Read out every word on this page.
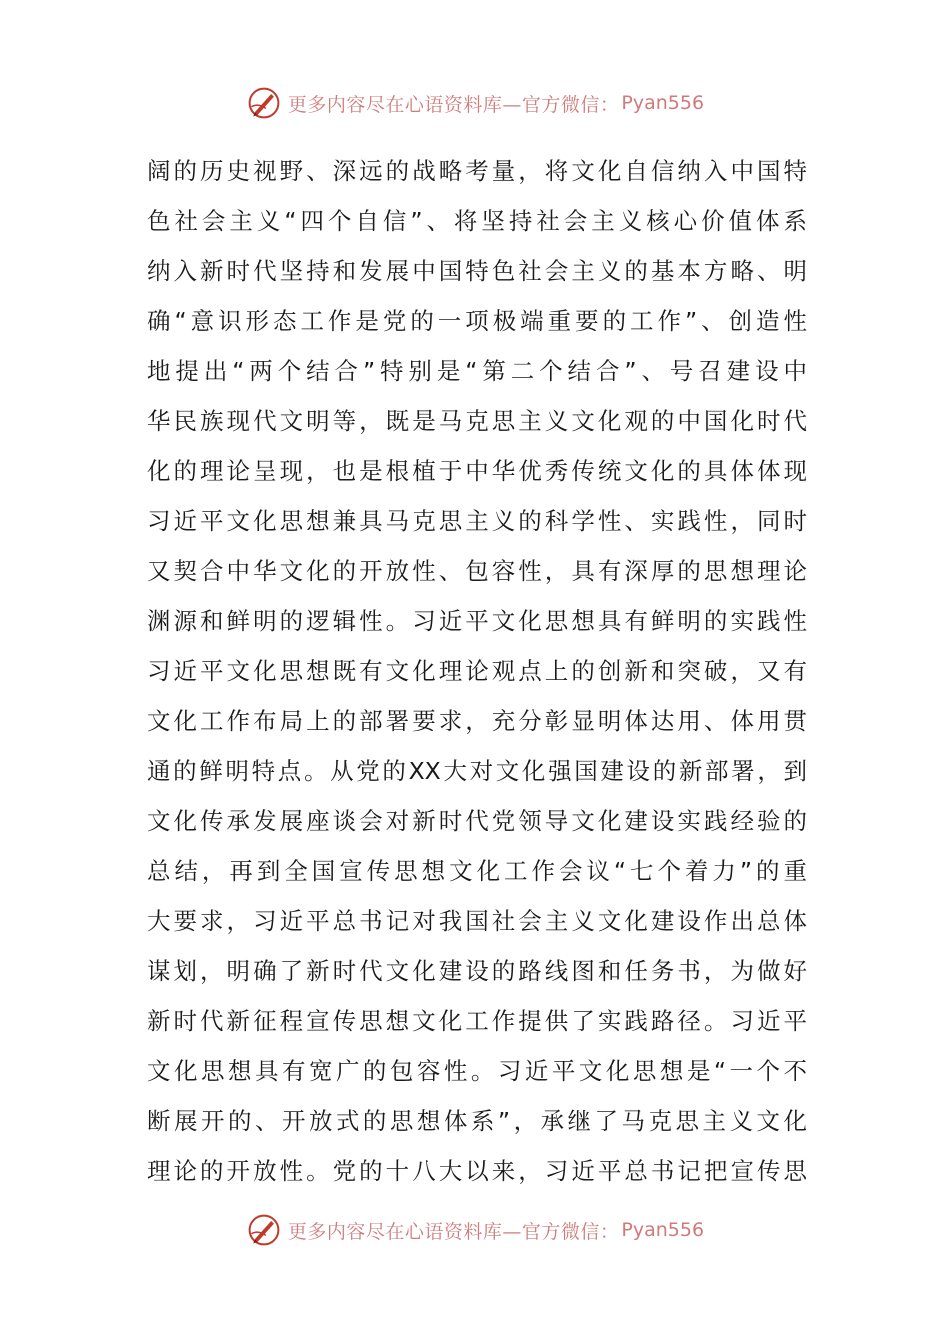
更多内容尽在心语资料库—官方微信： Pyan556
阔的历史视野、深远的战略考量，将文化自信纳入中国特
色社会主义“四个自信”、将坚持社会主义核心价值体系
纳入新时代坚持和发展中国特色社会主义的基本方略、明
确“意识形态工作是党的一项极端重要的工作”、创造性
地提出“两个结合”特别是“第二个结合”、号召建设中
华民族现代文明等，既是马克思主义文化观的中国化时代
化的理论呈现，也是根植于中华优秀传统文化的具体体现
习近平文化思想兼具马克思主义的科学性、实践性，同时
又契合中华文化的开放性、包容性，具有深厚的思想理论
渊源和鲜明的逻辑性。习近平文化思想具有鲜明的实践性
习近平文化思想既有文化理论观点上的创新和突破，又有
文化工作布局上的部署要求，充分彰显明体达用、体用贯
通的鲜明特点。从党的XX大对文化强国建设的新部署，到
文化传承发展座谈会对新时代党领导文化建设实践经验的
总结，再到全国宣传思想文化工作会议“七个着力”的重
大要求，习近平总书记对我国社会主义文化建设作出总体
谋划，明确了新时代文化建设的路线图和任务书，为做好
新时代新征程宣传思想文化工作提供了实践路径。习近平
文化思想具有宽广的包容性。习近平文化思想是“一个不
断展开的、开放式的思想体系”，承继了马克思主义文化
理论的开放性。党的十八大以来，习近平总书记把宣传思
更多内容尽在心语资料库—官方微信： Pyan556
